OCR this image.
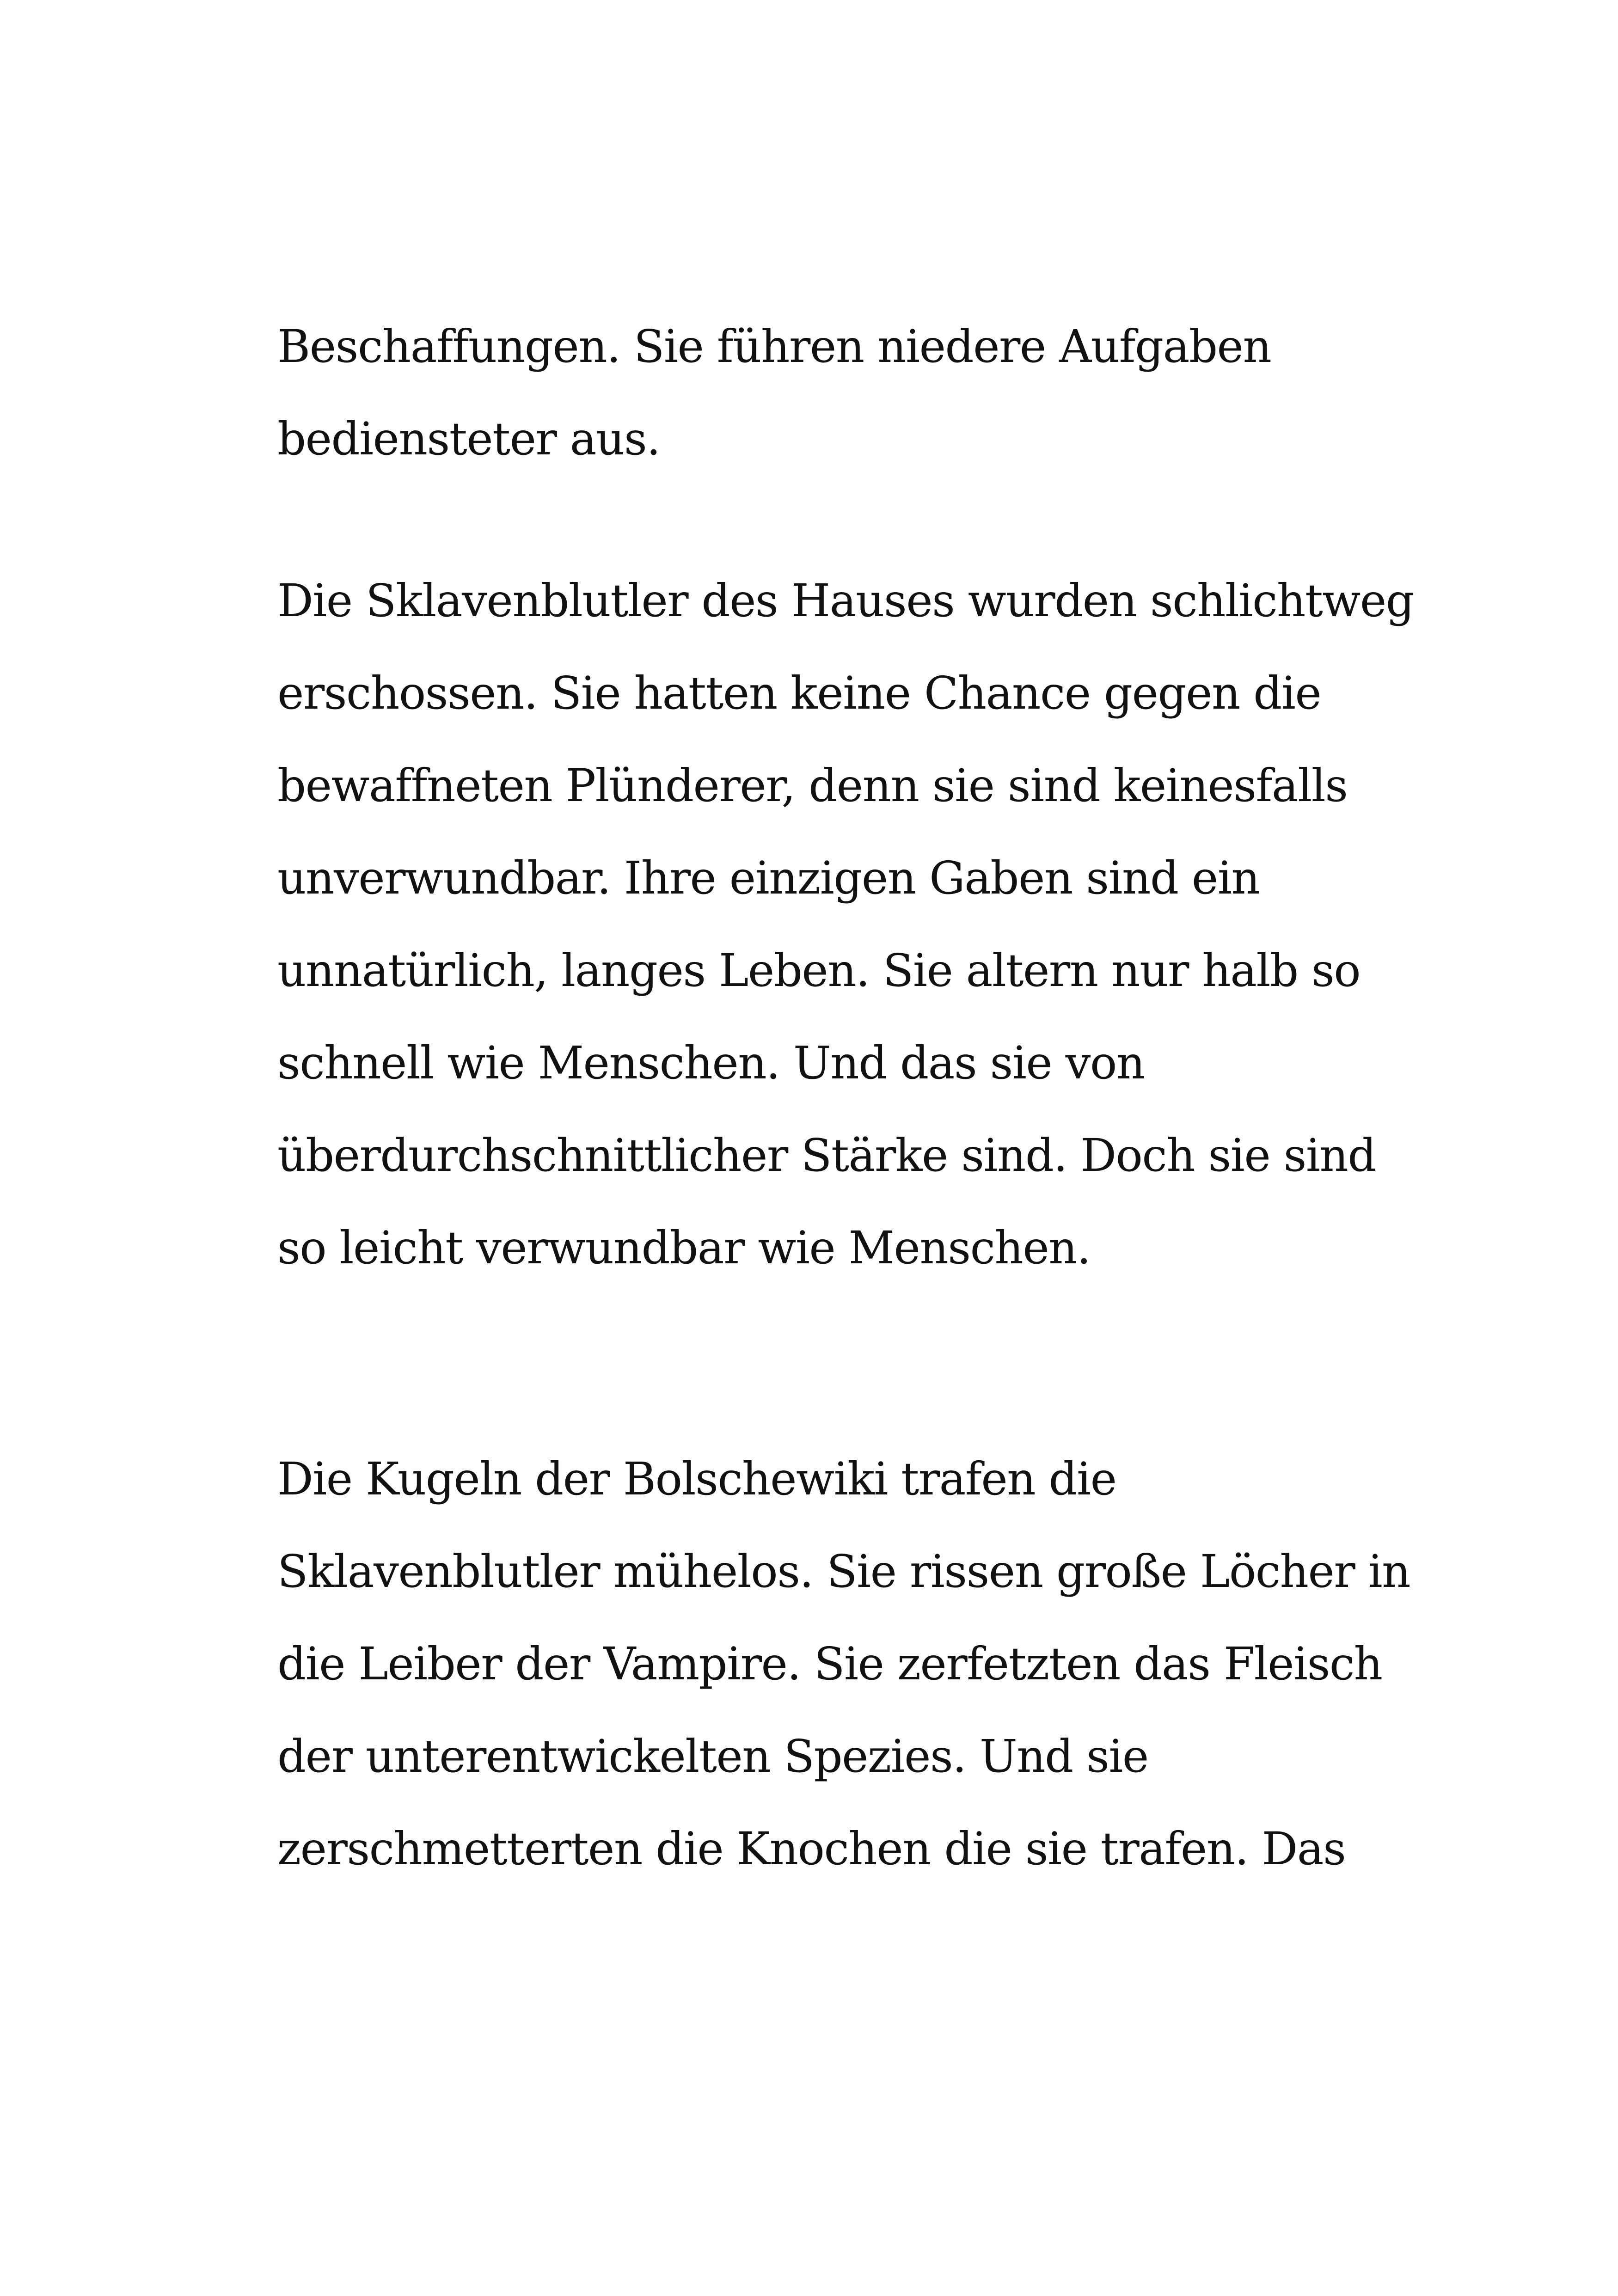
Beschaffungen. Sie führen niedere Aufgaben

bediensteter aus.

Die Sklavenblutler des Hauses wurden schlichtweg

erschossen. Sie hatten keine Chance gegen die

bewaffneten Plünderer, denn sie sind keinesfalls

unverwundbar. Ihre einzigen Gaben sind ein

unnatürlich, langes Leben. Sie altern nur halb so

schnell wie Menschen. Und das sie von

überdurchschnittlicher Stärke sind. Doch sie sind

so leicht verwundbar wie Menschen.

Die Kugeln der Bolschewiki trafen die

Sklavenblutler mühelos. Sie rissen große Löcher in

die Leiber der Vampire. Sie zerfetzten das Fleisch

der unterentwickelten Spezies. Und sie

zerschmetterten die Knochen die sie trafen. Das
